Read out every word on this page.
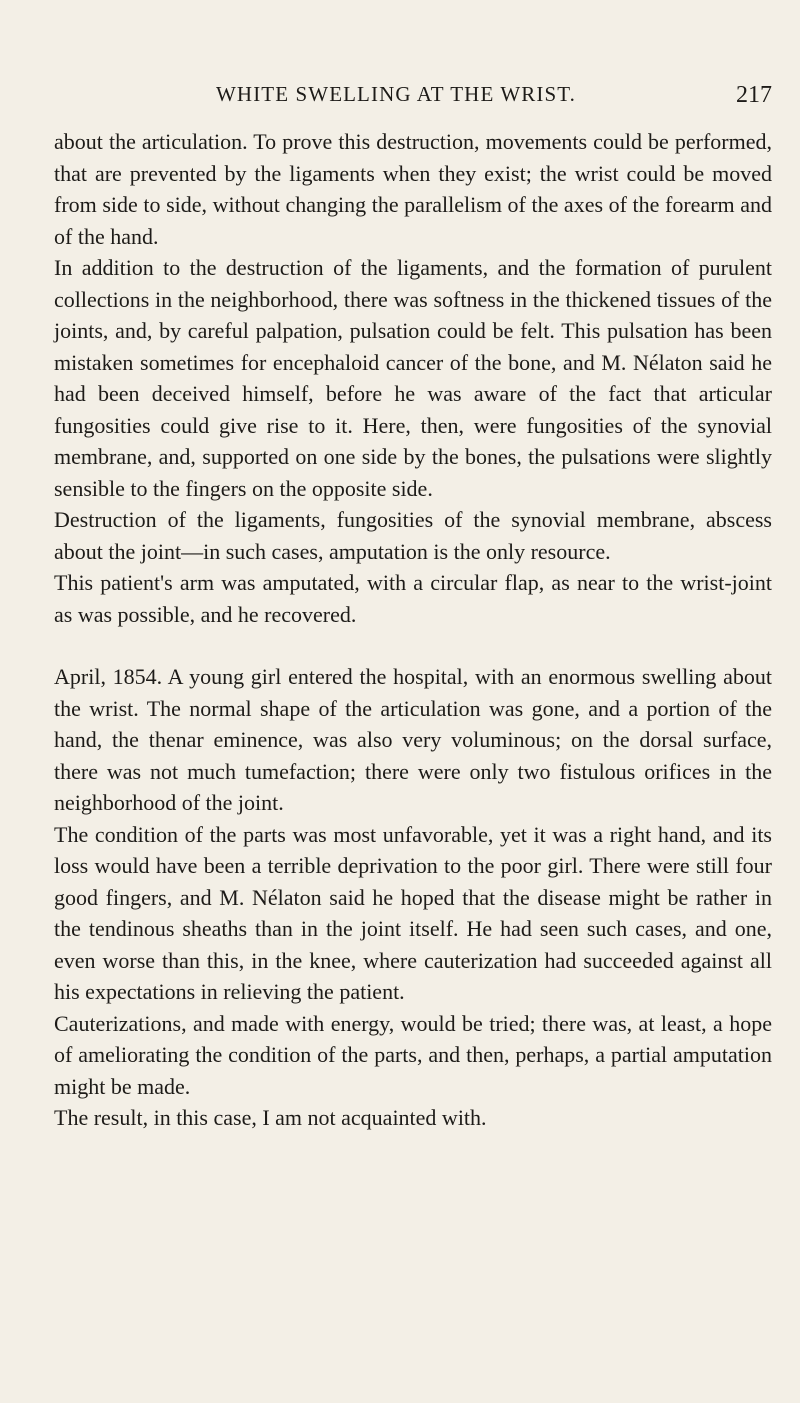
WHITE SWELLING AT THE WRIST.	217

about the articulation. To prove this destruction, movements could be performed, that are prevented by the ligaments when they exist; the wrist could be moved from side to side, without changing the parallelism of the axes of the forearm and of the hand.

In addition to the destruction of the ligaments, and the formation of purulent collections in the neighborhood, there was softness in the thickened tissues of the joints, and, by careful palpation, pulsation could be felt. This pulsation has been mistaken sometimes for encephaloid cancer of the bone, and M. Nélaton said he had been deceived himself, before he was aware of the fact that articular fungosities could give rise to it. Here, then, were fungosities of the synovial membrane, and, supported on one side by the bones, the pulsations were slightly sensible to the fingers on the opposite side.

Destruction of the ligaments, fungosities of the synovial membrane, abscess about the joint—in such cases, amputation is the only resource.

This patient's arm was amputated, with a circular flap, as near to the wrist-joint as was possible, and he recovered.

April, 1854. A young girl entered the hospital, with an enormous swelling about the wrist. The normal shape of the articulation was gone, and a portion of the hand, the thenar eminence, was also very voluminous; on the dorsal surface, there was not much tumefaction; there were only two fistulous orifices in the neighborhood of the joint.

The condition of the parts was most unfavorable, yet it was a right hand, and its loss would have been a terrible deprivation to the poor girl. There were still four good fingers, and M. Nélaton said he hoped that the disease might be rather in the tendinous sheaths than in the joint itself. He had seen such cases, and one, even worse than this, in the knee, where cauterization had succeeded against all his expectations in relieving the patient.

Cauterizations, and made with energy, would be tried; there was, at least, a hope of ameliorating the condition of the parts, and then, perhaps, a partial amputation might be made.

The result, in this case, I am not acquainted with.
